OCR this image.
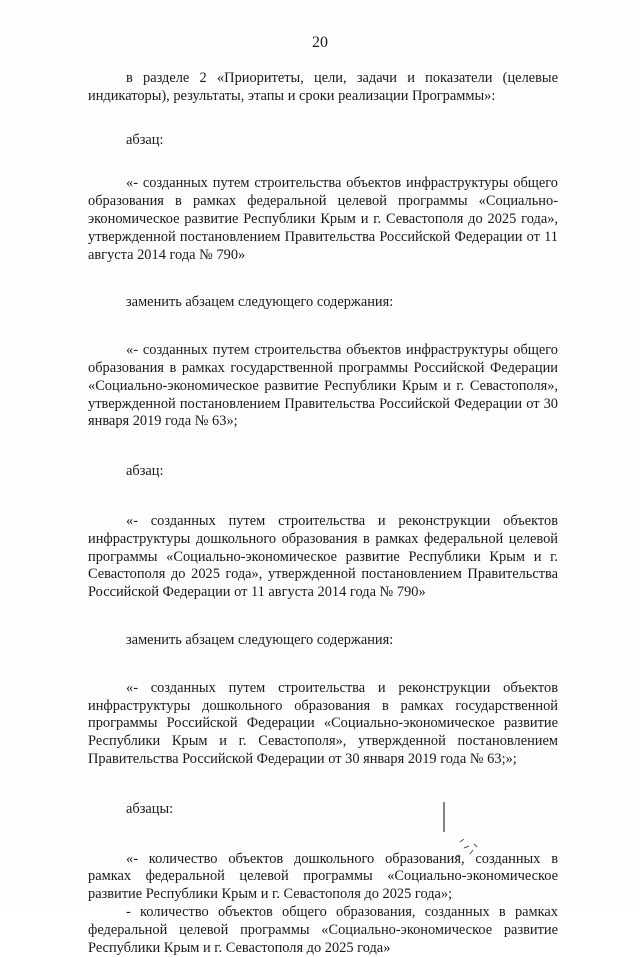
20

в разделе 2 «Приоритеты, цели, задачи и показатели (целевые индикаторы), результаты, этапы и сроки реализации Программы»:

абзац:

«- созданных путем строительства объектов инфраструктуры общего образования в рамках федеральной целевой программы «Социально-экономическое развитие Республики Крым и г. Севастополя до 2025 года», утвержденной постановлением Правительства Российской Федерации от 11 августа 2014 года № 790»

заменить абзацем следующего содержания:

«- созданных путем строительства объектов инфраструктуры общего образования в рамках государственной программы Российской Федерации «Социально-экономическое развитие Республики Крым и г. Севастополя», утвержденной постановлением Правительства Российской Федерации от 30 января 2019 года № 63»;

абзац:

«- созданных путем строительства и реконструкции объектов инфраструктуры дошкольного образования в рамках федеральной целевой программы «Социально-экономическое развитие Республики Крым и г. Севастополя до 2025 года», утвержденной постановлением Правительства Российской Федерации от 11 августа 2014 года № 790»

заменить абзацем следующего содержания:

«- созданных путем строительства и реконструкции объектов инфраструктуры дошкольного образования в рамках государственной программы Российской Федерации «Социально-экономическое развитие Республики Крым и г. Севастополя», утвержденной постановлением Правительства Российской Федерации от 30 января 2019 года № 63;»;

абзацы:

«- количество объектов дошкольного образования, созданных в рамках федеральной целевой программы «Социально-экономическое развитие Республики Крым и г. Севастополя до 2025 года»;

- количество объектов общего образования, созданных в рамках федеральной целевой программы «Социально-экономическое развитие Республики Крым и г. Севастополя до 2025 года»
